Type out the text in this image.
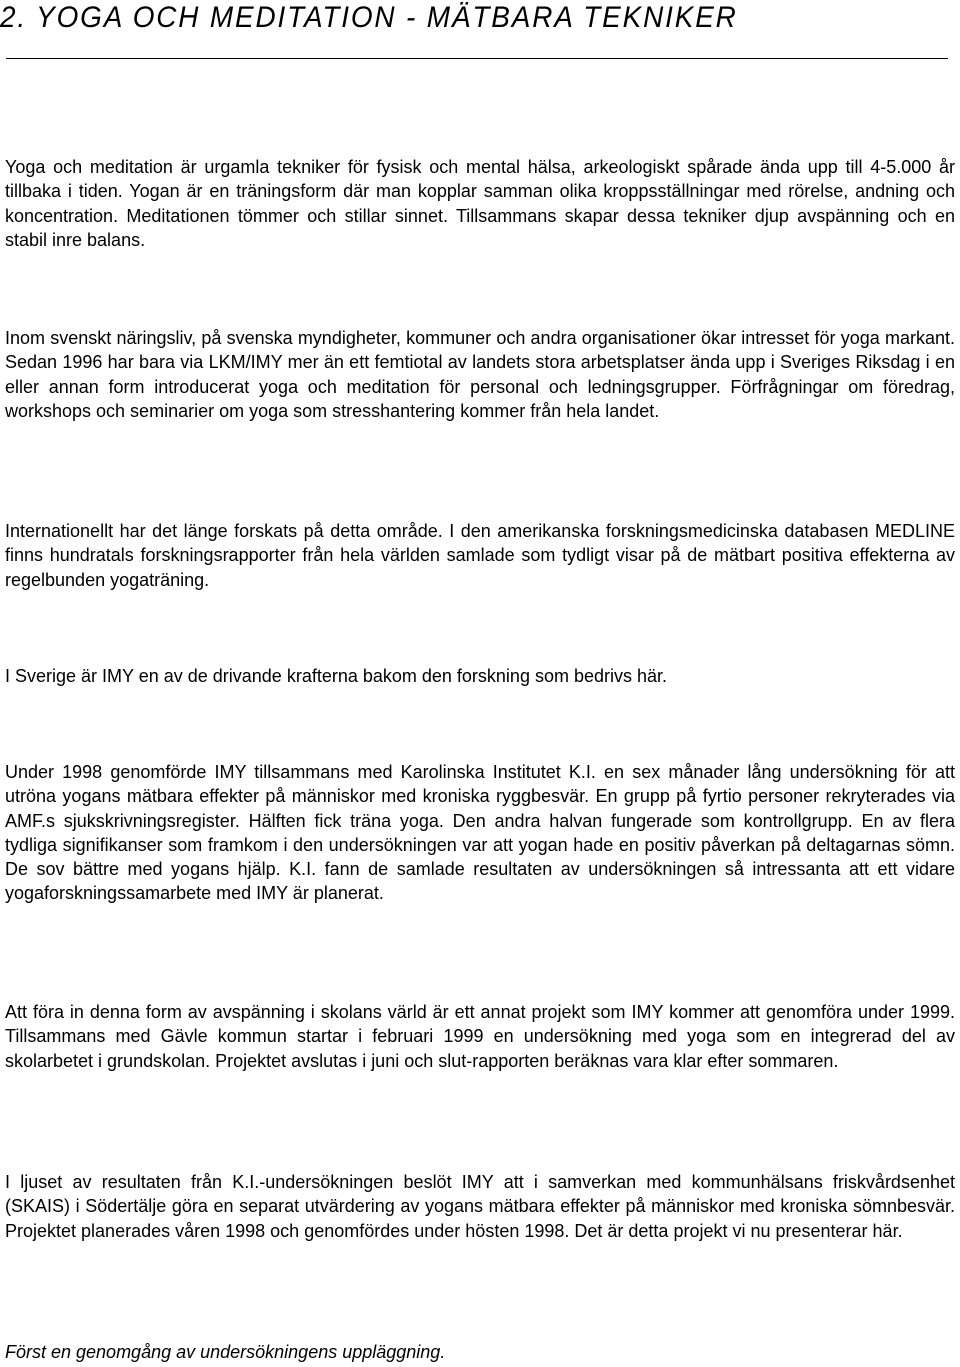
2. YOGA OCH MEDITATION - MÄTBARA TEKNIKER

Yoga och meditation är urgamla tekniker för fysisk och mental hälsa, arkeologiskt spårade ända upp till 4-5.000 år tillbaka i tiden. Yogan är en träningsform där man kopplar samman olika kroppsställningar med rörelse, andning och koncentration. Meditationen tömmer och stillar sinnet. Tillsammans skapar dessa tekniker djup avspänning och en stabil inre balans.

Inom svenskt näringsliv, på svenska myndigheter, kommuner och andra organisationer ökar intresset för yoga markant. Sedan 1996 har bara via LKM/IMY mer än ett femtiotal av landets stora arbetsplatser ända upp i Sveriges Riksdag i en eller annan form introducerat yoga och meditation för personal och ledningsgrupper. Förfrågningar om föredrag, workshops och seminarier om yoga som stresshantering kommer från hela landet.

Internationellt har det länge forskats på detta område. I den amerikanska forskningsmedicinska databasen MEDLINE finns hundratals forskningsrapporter från hela världen samlade som tydligt visar på de mätbart positiva effekterna av regelbunden yogaträning.

I Sverige är IMY en av de drivande krafterna bakom den forskning som bedrivs här.

Under 1998 genomförde IMY tillsammans med Karolinska Institutet K.I. en sex månader lång undersökning för att utröna yogans mätbara effekter på människor med kroniska ryggbesvär. En grupp på fyrtio personer rekryterades via AMF.s sjukskrivningsregister. Hälften fick träna yoga. Den andra halvan fungerade som kontrollgrupp. En av flera tydliga signifikanser som framkom i den undersökningen var att yogan hade en positiv påverkan på deltagarnas sömn. De sov bättre med yogans hjälp. K.I. fann de samlade resultaten av undersökningen så intressanta att ett vidare yogaforskningssamarbete med IMY är planerat.

Att föra in denna form av avspänning i skolans värld är ett annat projekt som IMY kommer att genomföra under 1999. Tillsammans med Gävle kommun startar i februari 1999 en undersökning med yoga som en integrerad del av skolarbetet i grundskolan. Projektet avslutas i juni och slut-rapporten beräknas vara klar efter sommaren.

I ljuset av resultaten från K.I.-undersökningen beslöt IMY att i samverkan med kommunhälsans friskvårdsenhet (SKAIS) i Södertälje göra en separat utvärdering av yogans mätbara effekter på människor med kroniska sömnbesvär. Projektet planerades våren 1998 och genomfördes under hösten 1998. Det är detta projekt vi nu presenterar här.

Först en genomgång av undersökningens uppläggning.
